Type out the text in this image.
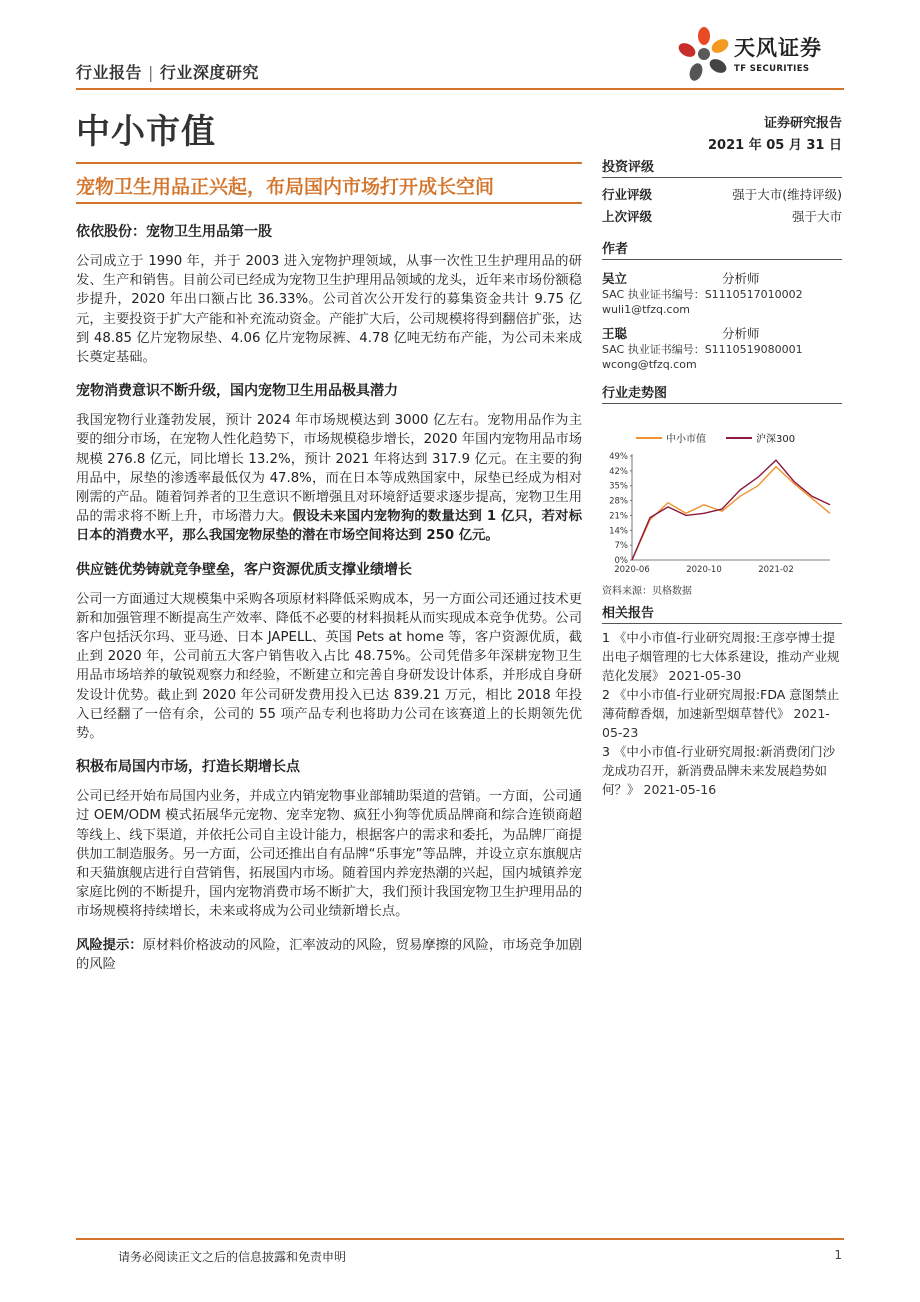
行业报告 | 行业深度研究
天风证券
TF SECURITIES
中小市值	证券研究报告
2021 年 05 月 31 日
宠物卫生用品正兴起，布局国内市场打开成长空间
依依股份：宠物卫生用品第一股

公司成立于 1990 年，并于 2003 进入宠物护理领域，从事一次性卫生护理用品的研发、生产和销售。目前公司已经成为宠物卫生护理用品领域的龙头，近年来市场份额稳步提升，2020 年出口额占比 36.33%。公司首次公开发行的募集资金共计 9.75 亿元，主要投资于扩大产能和补充流动资金。产能扩大后，公司规模将得到翻倍扩张，达到 48.85 亿片宠物尿垫、4.06 亿片宠物尿裤、4.78 亿吨无纺布产能，为公司未来成长奠定基础。

宠物消费意识不断升级，国内宠物卫生用品极具潜力

我国宠物行业蓬勃发展，预计 2024 年市场规模达到 3000 亿左右。宠物用品作为主要的细分市场，在宠物人性化趋势下，市场规模稳步增长，2020 年国内宠物用品市场规模 276.8 亿元，同比增长 13.2%，预计 2021 年将达到 317.9 亿元。在主要的狗用品中，尿垫的渗透率最低仅为 47.8%，而在日本等成熟国家中，尿垫已经成为相对刚需的产品。随着饲养者的卫生意识不断增强且对环境舒适要求逐步提高，宠物卫生用品的需求将不断上升，市场潜力大。假设未来国内宠物狗的数量达到 1 亿只，若对标日本的消费水平，那么我国宠物尿垫的潜在市场空间将达到 250 亿元。

供应链优势铸就竞争壁垒，客户资源优质支撑业绩增长

公司一方面通过大规模集中采购各项原材料降低采购成本，另一方面公司还通过技术更新和加强管理不断提高生产效率、降低不必要的材料损耗从而实现成本竞争优势。公司客户包括沃尔玛、亚马逊、日本 JAPELL、英国 Pets at home 等，客户资源优质，截止到 2020 年，公司前五大客户销售收入占比 48.75%。公司凭借多年深耕宠物卫生用品市场培养的敏锐观察力和经验，不断建立和完善自身研发设计体系，并形成自身研发设计优势。截止到 2020 年公司研发费用投入已达 839.21 万元，相比 2018 年投入已经翻了一倍有余，公司的 55 项产品专利也将助力公司在该赛道上的长期领先优势。

积极布局国内市场，打造长期增长点

公司已经开始布局国内业务，并成立内销宠物事业部辅助渠道的营销。一方面，公司通过 OEM/ODM 模式拓展华元宠物、宠幸宠物、疯狂小狗等优质品牌商和综合连锁商超等线上、线下渠道，并依托公司自主设计能力，根据客户的需求和委托，为品牌厂商提供加工制造服务。另一方面，公司还推出自有品牌“乐事宠”等品牌，并设立京东旗舰店和天猫旗舰店进行自营销售，拓展国内市场。随着国内养宠热潮的兴起，国内城镇养宠家庭比例的不断提升，国内宠物消费市场不断扩大，我们预计我国宠物卫生护理用品的市场规模将持续增长，未来或将成为公司业绩新增长点。

风险提示：原材料价格波动的风险，汇率波动的风险，贸易摩擦的风险，市场竞争加剧的风险

投资评级
行业评级	强于大市(维持评级)
上次评级	强于大市
作者
吴立	分析师
SAC 执业证书编号：S1110517010002
wuli1@tfzq.com
王聪	分析师
SAC 执业证书编号：S1110519080001
wcong@tfzq.com
行业走势图
中小市值	沪深300
0%
7%
14%
21%
28%
35%
42%
49%
2020-06	2020-10	2021-02
资料来源：贝格数据
相关报告
1 《中小市值-行业研究周报:王彦亭博士提出电子烟管理的七大体系建设，推动产业规范化发展》 2021-05-30
2 《中小市值-行业研究周报:FDA 意图禁止薄荷醇香烟，加速新型烟草替代》 2021-05-23
3 《中小市值-行业研究周报:新消费闭门沙龙成功召开，新消费品牌未来发展趋势如何？》 2021-05-16
请务必阅读正文之后的信息披露和免责申明	1
